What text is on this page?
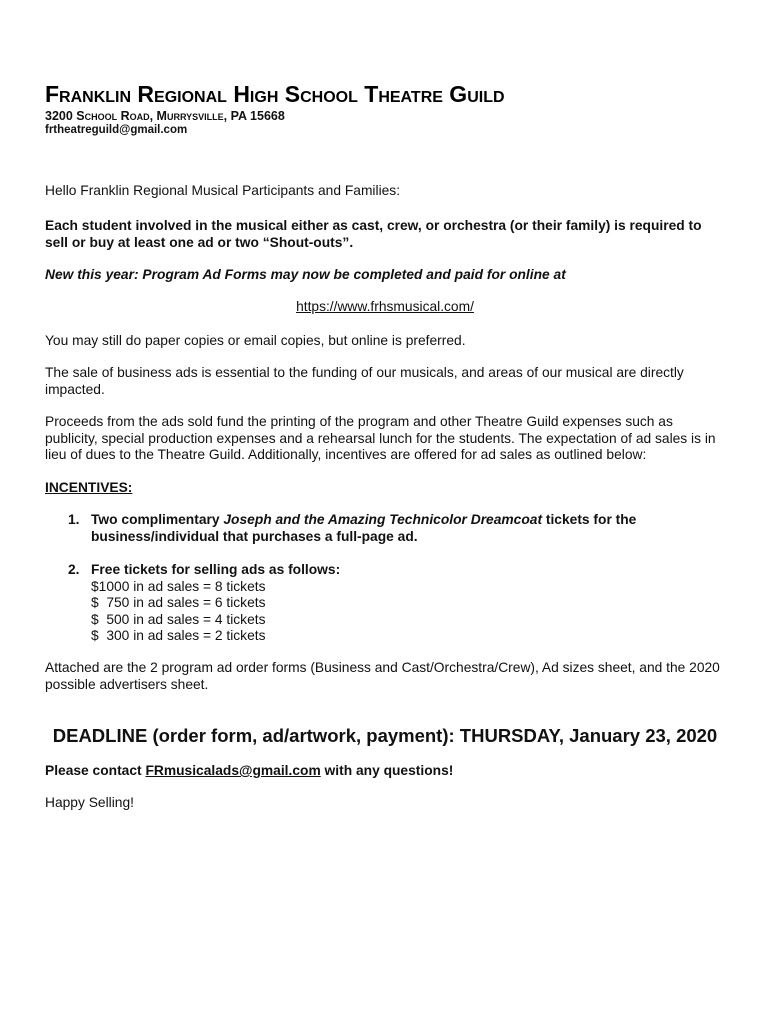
Franklin Regional High School Theatre Guild
3200 School Road, Murrysville, PA 15668
frtheatreguild@gmail.com

Hello Franklin Regional Musical Participants and Families:

Each student involved in the musical either as cast, crew, or orchestra (or their family) is required to sell or buy at least one ad or two “Shout-outs”.

New this year: Program Ad Forms may now be completed and paid for online at

https://www.frhsmusical.com/

You may still do paper copies or email copies, but online is preferred.

The sale of business ads is essential to the funding of our musicals, and areas of our musical are directly impacted.

Proceeds from the ads sold fund the printing of the program and other Theatre Guild expenses such as publicity, special production expenses and a rehearsal lunch for the students. The expectation of ad sales is in lieu of dues to the Theatre Guild. Additionally, incentives are offered for ad sales as outlined below:

INCENTIVES:
1. Two complimentary Joseph and the Amazing Technicolor Dreamcoat tickets for the business/individual that purchases a full-page ad.
2. Free tickets for selling ads as follows:
$1000 in ad sales = 8 tickets
$  750 in ad sales = 6 tickets
$  500 in ad sales = 4 tickets
$  300 in ad sales = 2 tickets

Attached are the 2 program ad order forms (Business and Cast/Orchestra/Crew), Ad sizes sheet, and the 2020 possible advertisers sheet.

DEADLINE (order form, ad/artwork, payment): THURSDAY, January 23, 2020

Please contact FRmusicalads@gmail.com with any questions!

Happy Selling!
